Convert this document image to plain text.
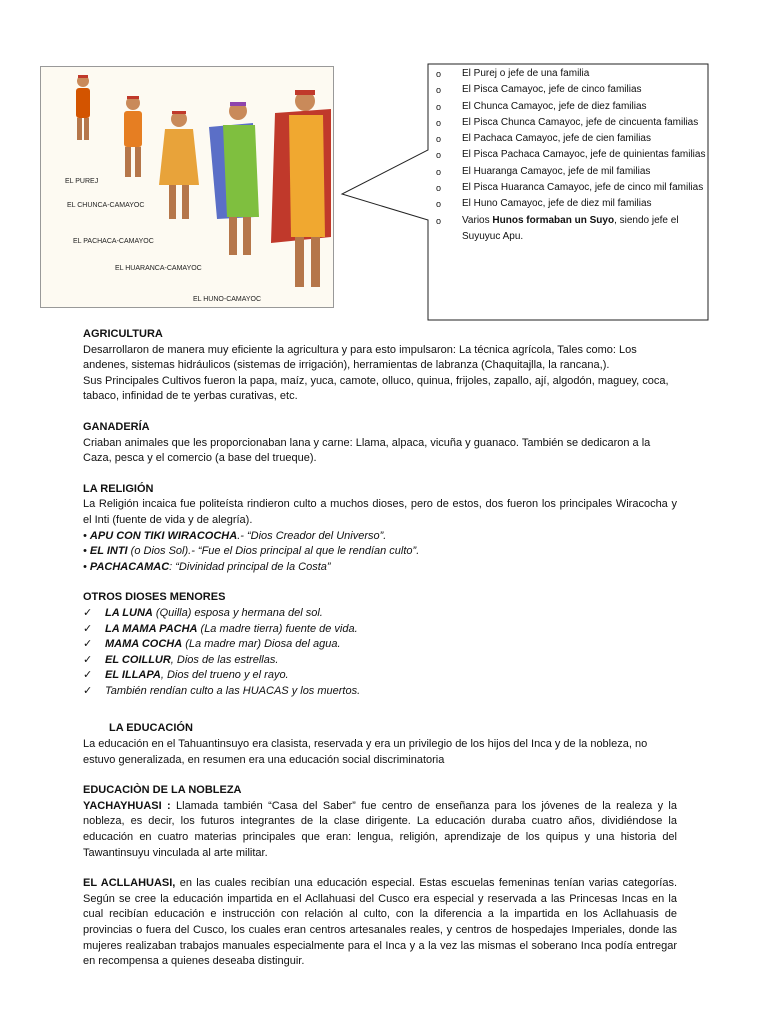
EL PUREJ
EL CHUNCA-CAMAYOC
EL PACHACA-CAMAYOC
EL HUARANCA-CAMAYOC
EL HUNO-CAMAYOC
o El Purej o jefe de una familia
o El Pisca Camayoc, jefe de cinco familias
o El Chunca Camayoc, jefe de diez familias
o El Pisca Chunca Camayoc, jefe de cincuenta familias
o El Pachaca Camayoc, jefe de cien familias
o El Pisca Pachaca Camayoc, jefe de quinientas familias
o El Huaranga Camayoc, jefe de mil familias
o El Pisca Huaranca Camayoc, jefe de cinco mil familias
o El Huno Camayoc, jefe de diez mil familias
o Varios Hunos formaban un Suyo, siendo jefe el Suyuyuc Apu.

AGRICULTURA

Desarrollaron de manera muy eficiente la agricultura y para esto impulsaron: La técnica agrícola, Tales como: Los andenes, sistemas hidráulicos (sistemas de irrigación), herramientas de labranza (Chaquitajlla, la rancana,).

Sus Principales Cultivos fueron la papa, maíz, yuca, camote, olluco, quinua, frijoles, zapallo, ají, algodón, maguey, coca, tabaco, infinidad de te yerbas curativas, etc.

GANADERÍA

Criaban animales que les proporcionaban lana y carne: Llama, alpaca, vicuña y guanaco. También se dedicaron a la Caza, pesca y el comercio (a base del trueque).

LA RELIGIÓN

La Religión incaica fue politeísta rindieron culto a muchos dioses, pero de estos, dos fueron los principales Wiracocha y el Inti (fuente de vida y de alegría).

• APU CON TIKI WIRACOCHA.- “Dios Creador del Universo”.

• EL INTI (o Dios Sol).- “Fue el Dios principal al que le rendían culto”.

• PACHACAMAC: “Divinidad principal de la Costa”

OTROS DIOSES MENORES

✓ LA LUNA (Quilla) esposa y hermana del sol.

✓ LA MAMA PACHA (La madre tierra) fuente de vida.

✓ MAMA COCHA (La madre mar) Diosa del agua.

✓ EL COILLUR, Dios de las estrellas.

✓ EL ILLAPA, Dios del trueno y el rayo.

✓ También rendían culto a las HUACAS y los muertos.

LA EDUCACIÓN

La educación en el Tahuantinsuyo era clasista, reservada y era un privilegio de los hijos del Inca y de la nobleza, no estuvo generalizada, en resumen era una educación social discriminatoria

EDUCACIÒN DE LA NOBLEZA

YACHAYHUASI : Llamada también “Casa del Saber” fue centro de enseñanza para los jóvenes de la realeza y la nobleza, es decir, los futuros integrantes de la clase dirigente. La educación duraba cuatro años, dividiéndose la educación en cuatro materias principales que eran: lengua, religión, aprendizaje de los quipus y una historia del Tawantinsuyu vinculada al arte militar.

EL ACLLAHUASI, en las cuales recibían una educación especial. Estas escuelas femeninas tenían varias categorías. Según se cree la educación impartida en el Acllahuasi del Cusco era especial y reservada a las Princesas Incas en la cual recibían educación e instrucción con relación al culto, con la diferencia a la impartida en los Acllahuasis de provincias o fuera del Cusco, los cuales eran centros artesanales reales, y centros de hospedajes Imperiales, donde las mujeres realizaban trabajos manuales especialmente para el Inca y a la vez las mismas el soberano Inca podía entregar en recompensa a quienes deseaba distinguir.
